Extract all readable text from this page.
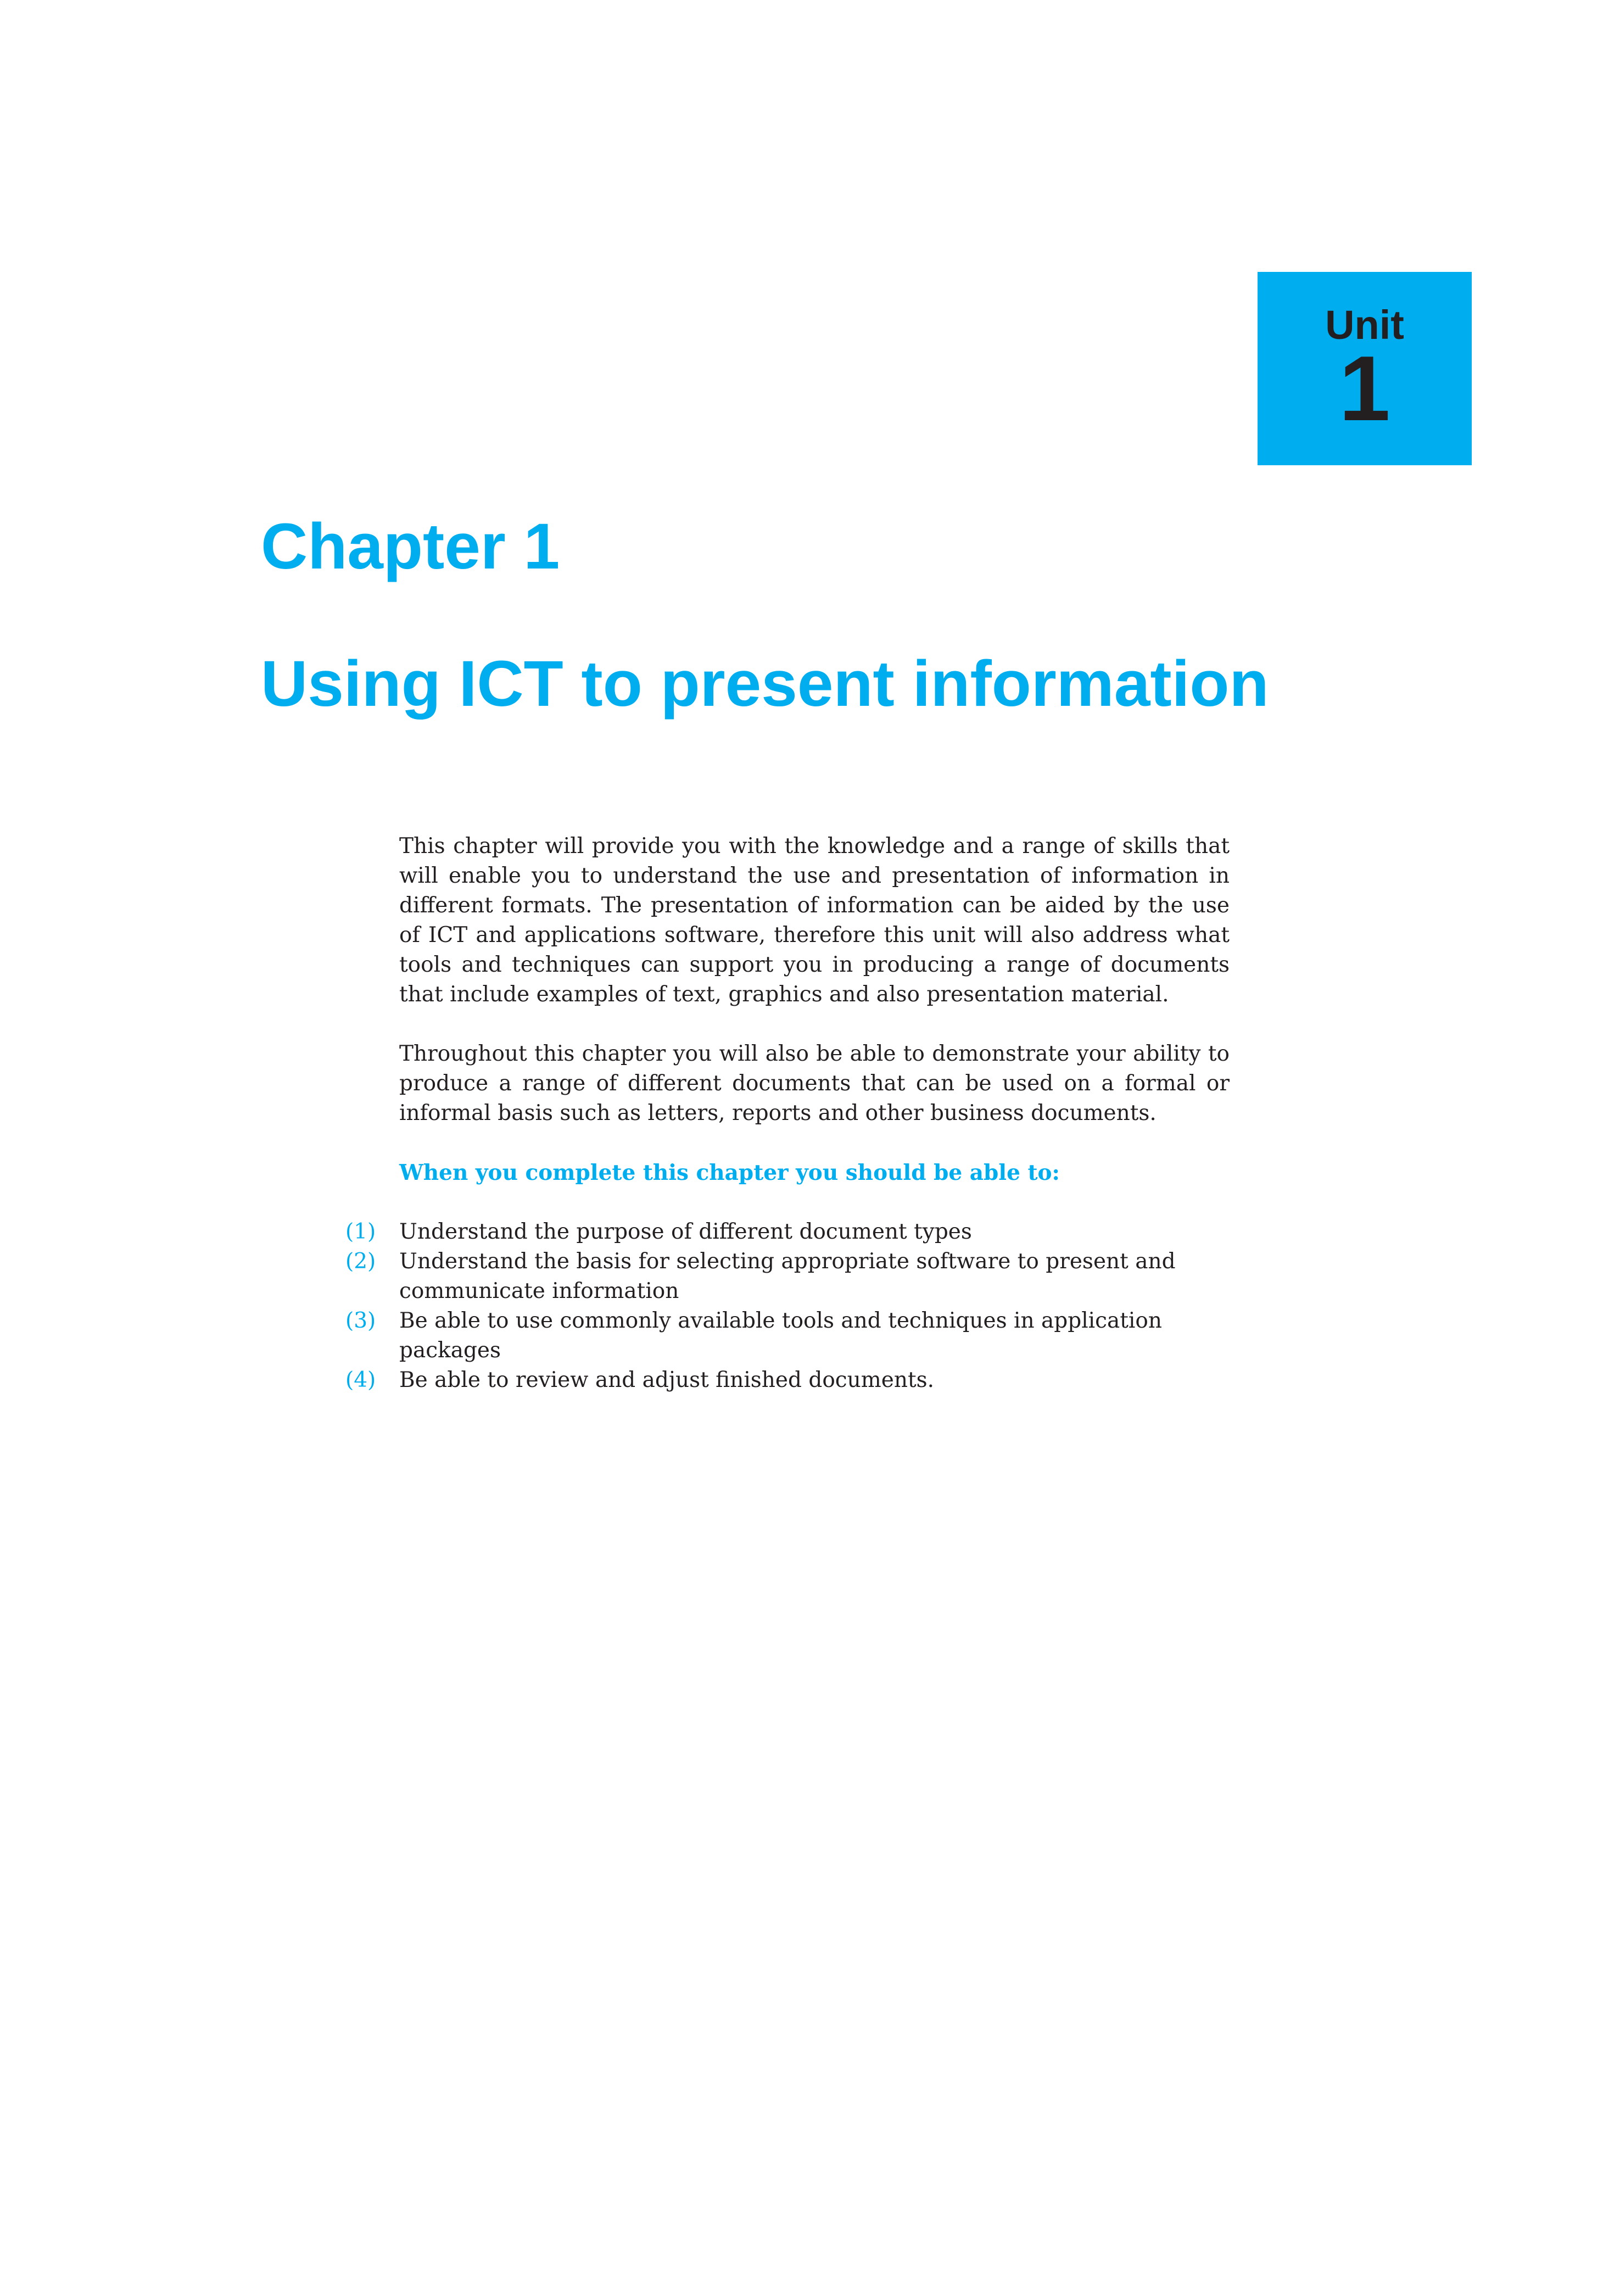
Unit
1
Chapter 1
Using ICT to present information

This chapter will provide you with the knowledge and a range of skills that will enable you to understand the use and presentation of information in different formats. The presentation of information can be aided by the use of ICT and applications software, therefore this unit will also address what tools and techniques can support you in producing a range of documents that include examples of text, graphics and also presentation material.

Throughout this chapter you will also be able to demonstrate your ability to produce a range of different documents that can be used on a formal or informal basis such as letters, reports and other business documents.

When you complete this chapter you should be able to:

(1) Understand the purpose of different document types
(2) Understand the basis for selecting appropriate software to present and communicate information
(3) Be able to use commonly available tools and techniques in application packages
(4) Be able to review and adjust finished documents.
